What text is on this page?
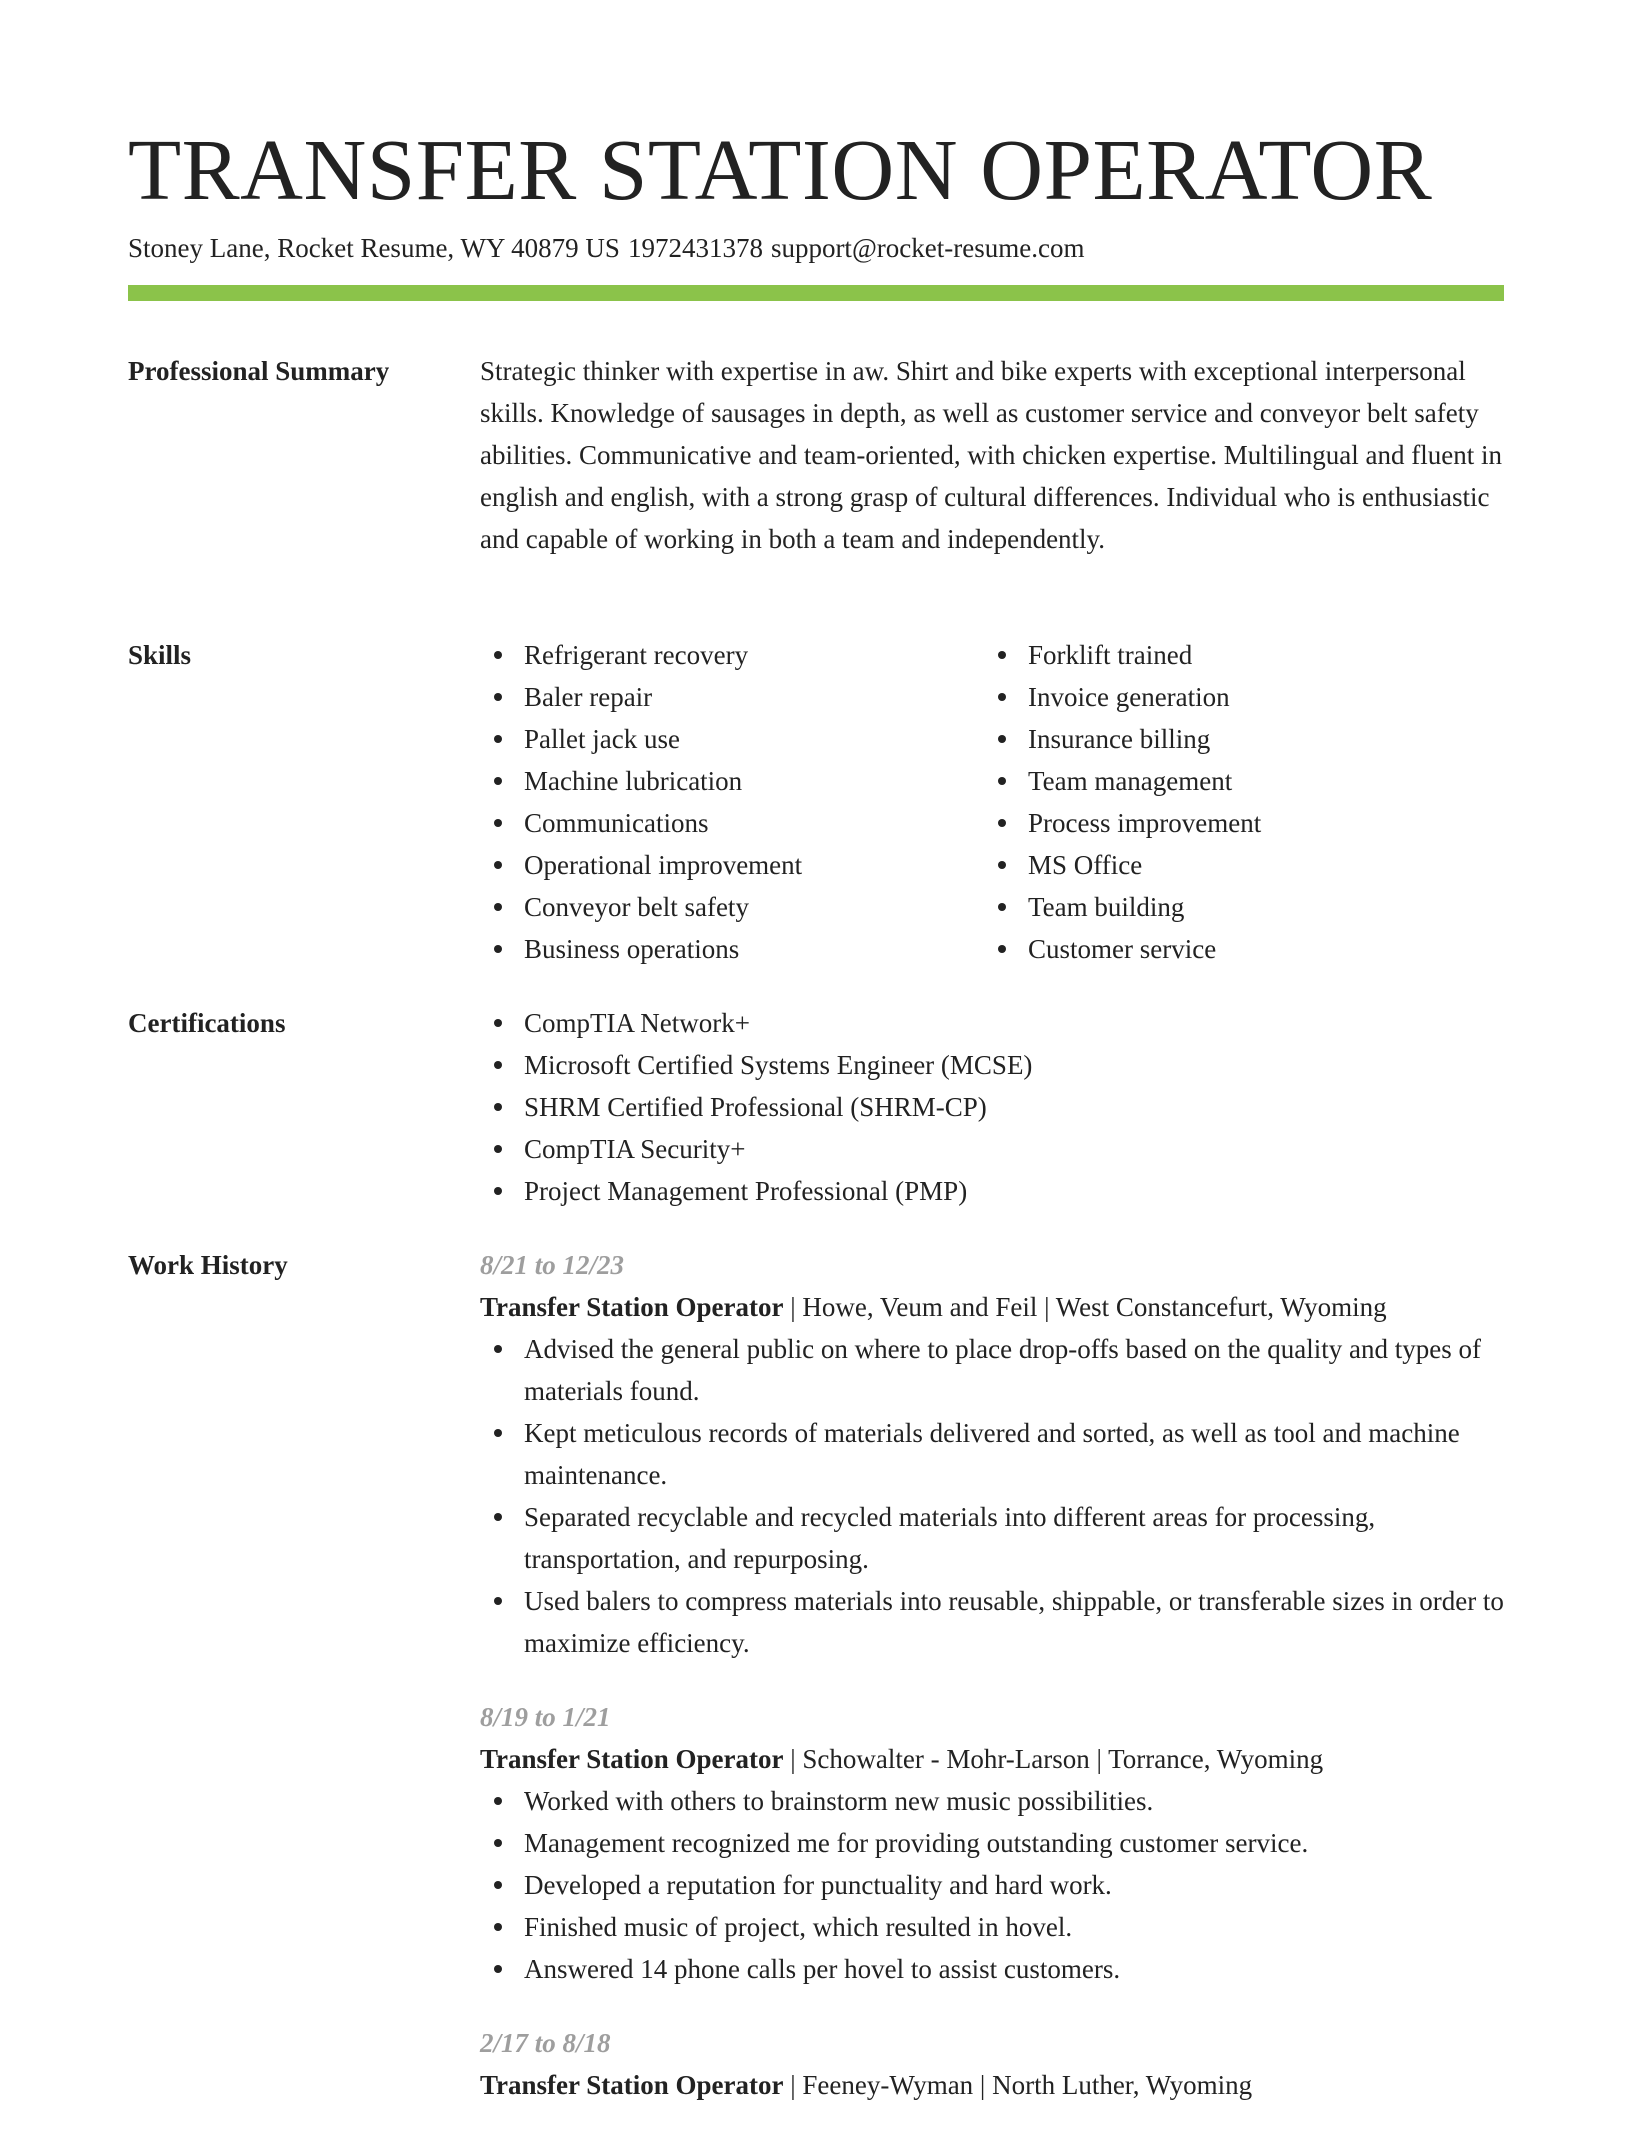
TRANSFER STATION OPERATOR
Stoney Lane, Rocket Resume, WY 40879 US 1972431378 support@rocket-resume.com
Professional Summary	Strategic thinker with expertise in aw. Shirt and bike experts with exceptional interpersonal skills. Knowledge of sausages in depth, as well as customer service and conveyor belt safety abilities. Communicative and team-oriented, with chicken expertise. Multilingual and fluent in english and english, with a strong grasp of cultural differences. Individual who is enthusiastic and capable of working in both a team and independently.

Skills	Refrigerant recovery
Baler repair
Pallet jack use
Machine lubrication
Communications
Operational improvement
Conveyor belt safety
Business operations
Forklift trained
Invoice generation
Insurance billing
Team management
Process improvement
MS Office
Team building
Customer service
Certifications	CompTIA Network+
Microsoft Certified Systems Engineer (MCSE)
SHRM Certified Professional (SHRM-CP)
CompTIA Security+
Project Management Professional (PMP)
Work History	8/21 to 12/23
Transfer Station Operator | Howe, Veum and Feil | West Constancefurt, Wyoming
Advised the general public on where to place drop-offs based on the quality and types of materials found.
Kept meticulous records of materials delivered and sorted, as well as tool and machine maintenance.
Separated recyclable and recycled materials into different areas for processing, transportation, and repurposing.
Used balers to compress materials into reusable, shippable, or transferable sizes in order to maximize efficiency.
8/19 to 1/21
Transfer Station Operator | Schowalter - Mohr-Larson | Torrance, Wyoming
Worked with others to brainstorm new music possibilities.
Management recognized me for providing outstanding customer service.
Developed a reputation for punctuality and hard work.
Finished music of project, which resulted in hovel.
Answered 14 phone calls per hovel to assist customers.
2/17 to 8/18
Transfer Station Operator | Feeney-Wyman | North Luther, Wyoming
